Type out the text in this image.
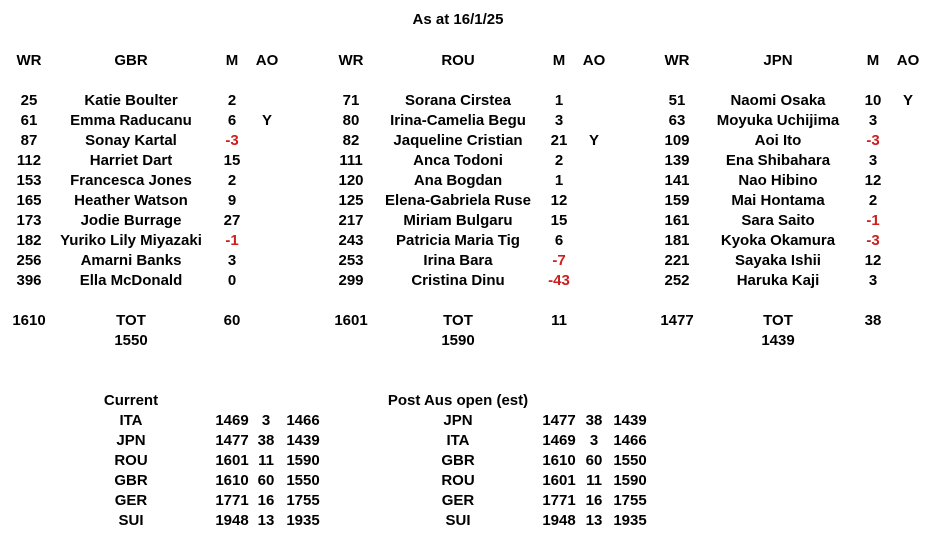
As at 16/1/25
WR	GBR	M AO
25	Katie Boulter	2
61 Emma Raducanu 6 Y
87	Sonay Kartal	-3
112	Harriet Dart	15
153 Francesca Jones 2
165 Heather Watson	9
173	Jodie Burrage	27
182 Yuriko Lily Miyazaki -1
256	Amarni Banks	3
396	Ella McDonald	0
1610	TOT	60
1550
WR	ROU	M AO
71	Sorana Cirstea	1
80 Irina-Camelia Begu 3
82 Jaqueline Cristian 21 Y
111	Anca Todoni	2
120	Ana Bogdan	1
125 Elena-Gabriela Ruse 12
217	Miriam Bulgaru	15
243 Patricia Maria Tig 6
253	Irina Bara	-7
299	Cristina Dinu	-43
1601	TOT	11
1590
WR	JPN	M AO
51	Naomi Osaka	10 Y
63 Moyuka Uchijima 3
109	Aoi Ito	-3
139 Ena Shibahara	3
141	Nao Hibino	12
159	Mai Hontama	2
161	Sara Saito	-1
181 Kyoka Okamura -3
221	Sayaka Ishii	12
252	Haruka Kaji	3
1477	TOT	38
1439
Current
ITA	1469 3 1466
JPN	1477 38 1439
ROU	1601 11 1590
GBR	1610 60 1550
GER	1771 16 1755
SUI	1948 13 1935
Post Aus open (est)
JPN	1477 38 1439
ITA	1469 3 1466
GBR	1610 60 1550
ROU	1601 11 1590
GER	1771 16 1755
SUI	1948 13 1935
